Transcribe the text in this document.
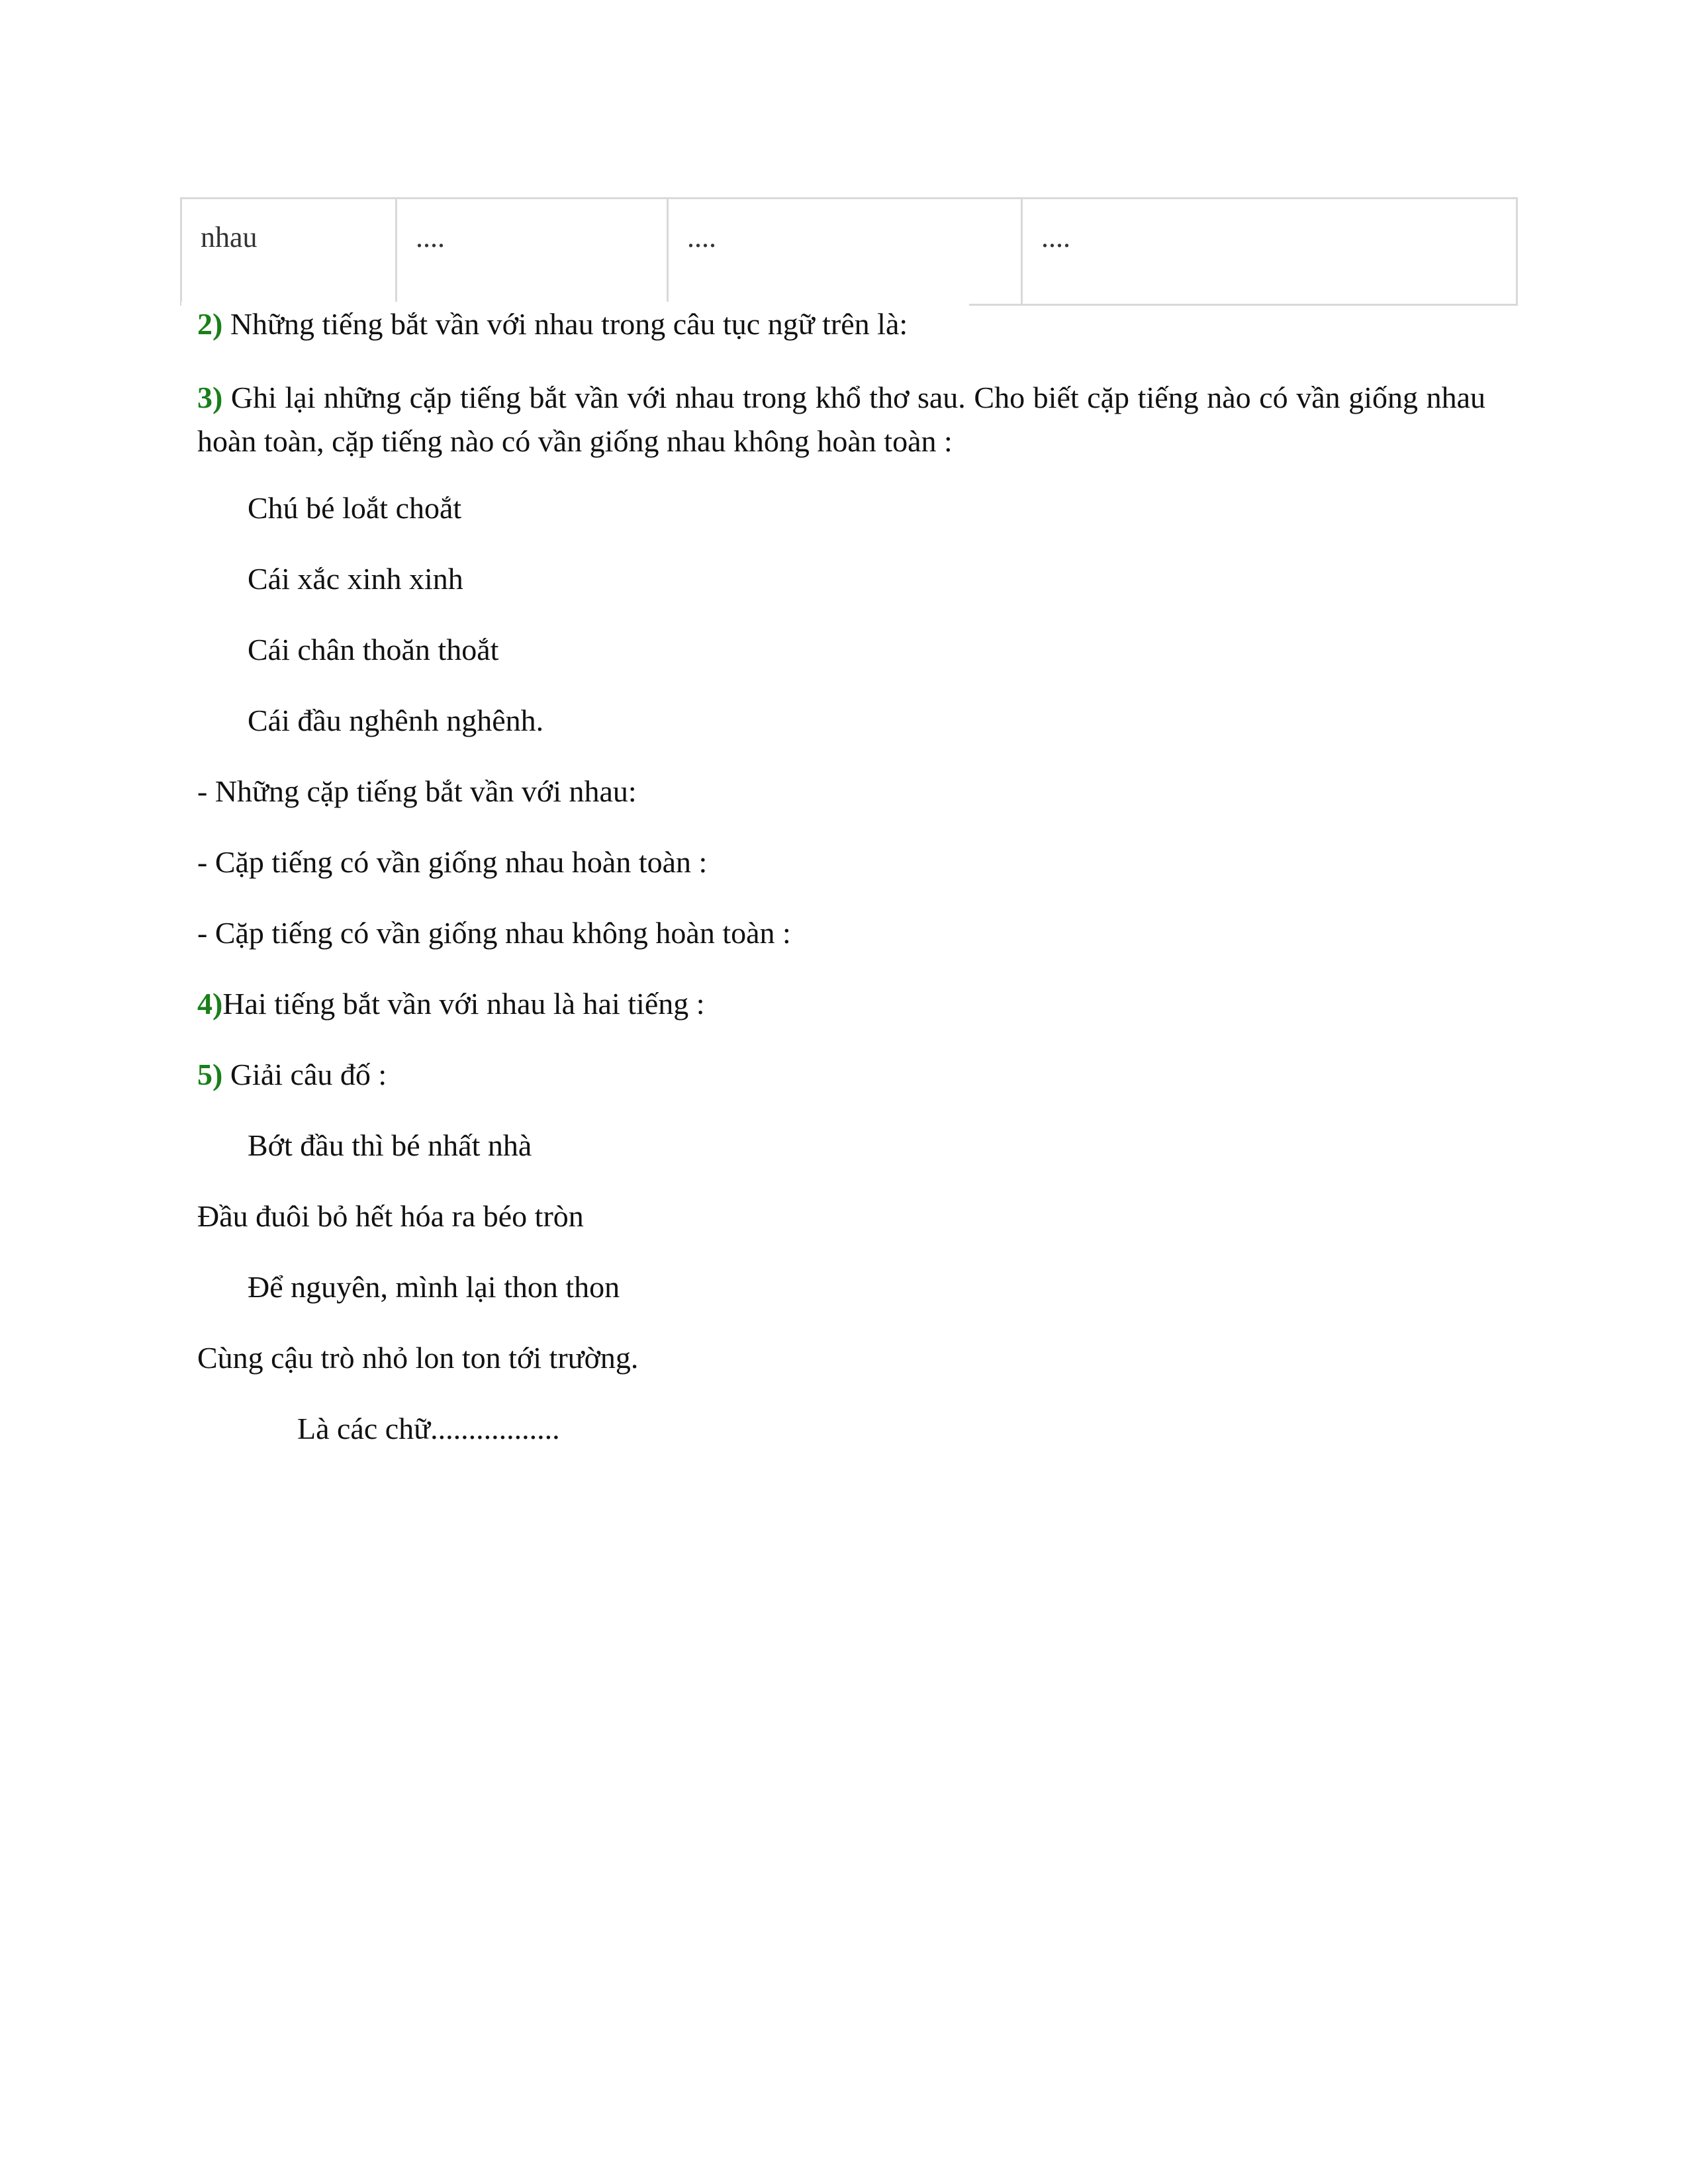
nhau	....	....	....

2) Những tiếng bắt vần với nhau trong câu tục ngữ trên là:

3) Ghi lại những cặp tiếng bắt vần với nhau trong khổ thơ sau. Cho biết cặp tiếng nào có vần giống nhau hoàn toàn, cặp tiếng nào có vần giống nhau không hoàn toàn :

Chú bé loắt choắt

Cái xắc xinh xinh

Cái chân thoăn thoắt

Cái đầu nghênh nghênh.

- Những cặp tiếng bắt vần với nhau:

- Cặp tiếng có vần giống nhau hoàn toàn :

- Cặp tiếng có vần giống nhau không hoàn toàn :

4)Hai tiếng bắt vần với nhau là hai tiếng :

5) Giải câu đố :

Bớt đầu thì bé nhất nhà

Đầu đuôi bỏ hết hóa ra béo tròn

Để nguyên, mình lại thon thon

Cùng cậu trò nhỏ lon ton tới trường.

Là các chữ.................
